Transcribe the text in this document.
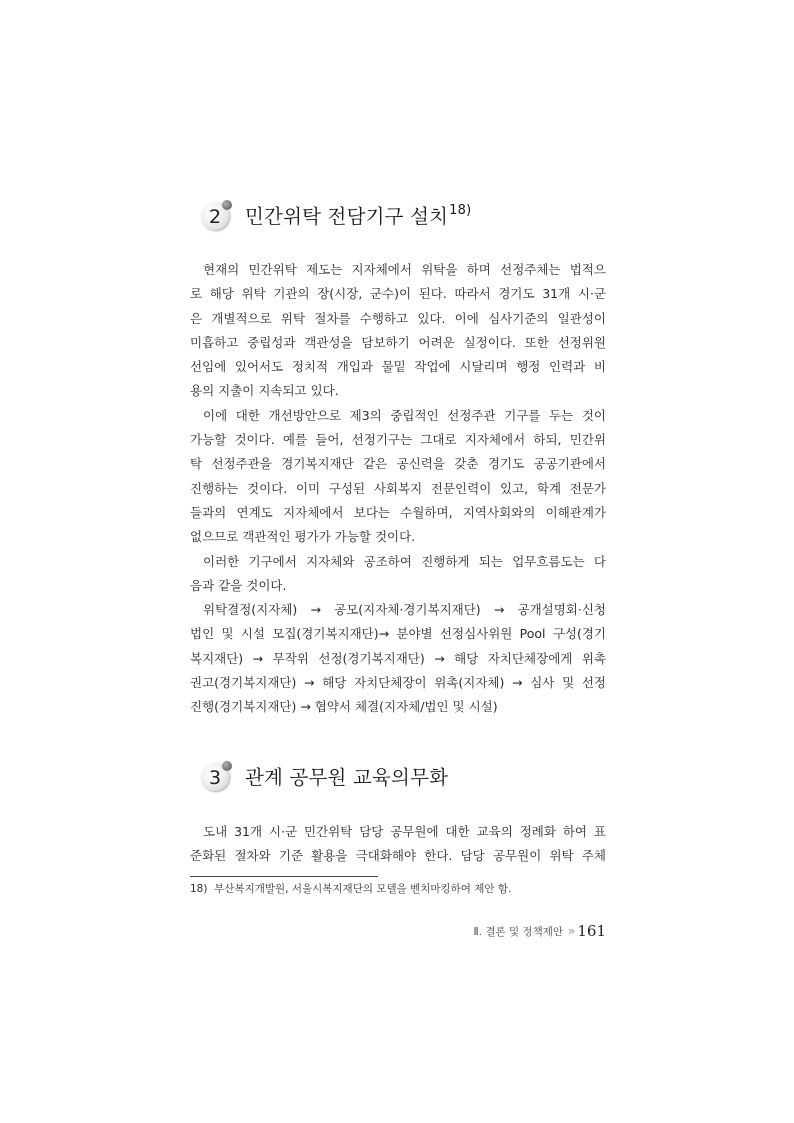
2	민간위탁 전담기구 설치$^{18)}$
현재의 민간위탁 제도는 지자체에서 위탁을 하며 선정주체는 법적으
로 해당 위탁 기관의 장(시장, 군수)이 된다. 따라서 경기도 31개 시·군
은 개별적으로 위탁 절차를 수행하고 있다. 이에 심사기준의 일관성이
미흡하고 중립성과 객관성을 담보하기 어려운 실정이다. 또한 선정위원
선임에 있어서도 정치적 개입과 물밑 작업에 시달리며 행정 인력과 비
용의 지출이 지속되고 있다.
이에 대한 개선방안으로 제3의 중립적인 선정주관 기구를 두는 것이
가능할 것이다. 예를 들어, 선정기구는 그대로 지자체에서 하되, 민간위
탁 선정주관을 경기복지재단 같은 공신력을 갖춘 경기도 공공기관에서
진행하는 것이다. 이미 구성된 사회복지 전문인력이 있고, 학계 전문가
들과의 연계도 지자체에서 보다는 수월하며, 지역사회와의 이해관계가
없으므로 객관적인 평가가 가능할 것이다.
이러한 기구에서 지자체와 공조하여 진행하게 되는 업무흐름도는 다
음과 같을 것이다.
위탁결정(지자체) → 공모(지자체·경기복지재단) → 공개설명회·신청
법인 및 시설 모집(경기복지재단)→ 분야별 선정심사위원 Pool 구성(경기
복지재단) → 무작위 선정(경기복지재단) → 해당 자치단체장에게 위촉
권고(경기복지재단) → 해당 자치단체장이 위촉(지자체) → 심사 및 선정
진행(경기복지재단) → 협약서 체결(지자체/법인 및 시설)
3	관계 공무원 교육의무화
도내 31개 시·군 민간위탁 담당 공무원에 대한 교육의 정례화 하여 표
준화된 절차와 기준 활용을 극대화해야 한다. 담당 공무원이 위탁 주체
18) 부산복지개발원, 서울시복지재단의 모델을 벤치마킹하여 제안 함.
Ⅱ. 결론 및 정책제안 » 161
